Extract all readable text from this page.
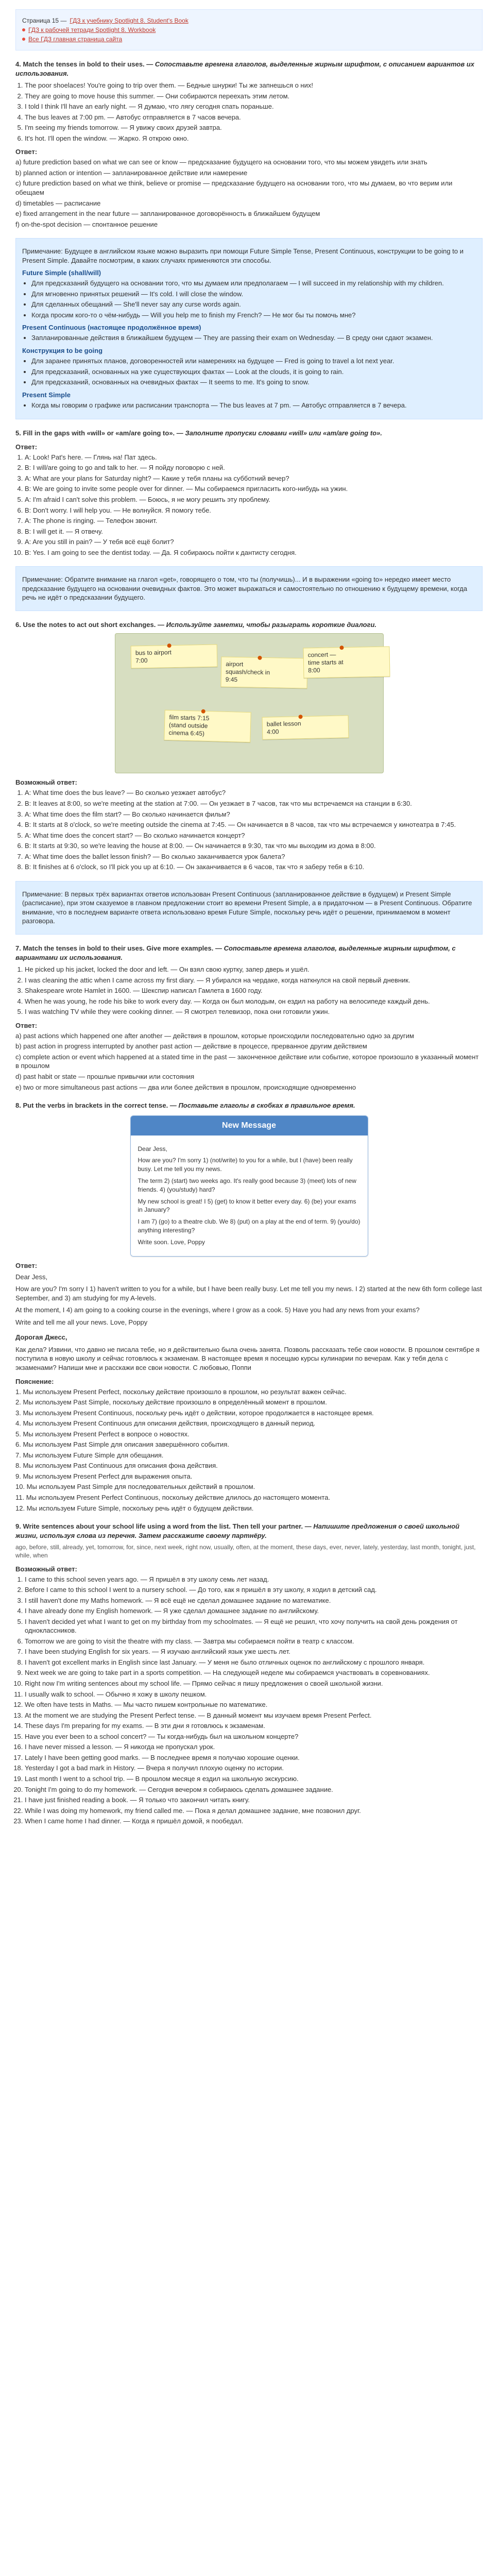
Страница 15 — ГДЗ к учебнику Spotlight 8. Student's Book
ГДЗ к рабочей тетради Spotlight 8. Workbook
Все ГДЗ главная страница сайта
4. Match the tenses in bold to their uses. — Сопоставьте времена глаголов, выделенные жирным шрифтом, с описанием вариантов их использования.
1. The poor shoelaces! You're going to trip over them. — Бедные шнурки! Ты же запнешься о них!
2. They are going to move house this summer. — Они собираются переехать этим летом.
3. I told I think I'll have an early night. — Я думаю, что лягу сегодня спать пораньше.
4. The bus leaves at 7:00 pm. — Автобус отправляется в 7 часов вечера.
5. I'm seeing my friends tomorrow. — Я увижу своих друзей завтра.
6. It's hot. I'll open the window. — Жарко. Я открою окно.
Ответ:
a) future prediction based on what we can see or know — предсказание будущего на основании того, что мы можем увидеть или знать
b) planned action or intention — запланированное действие или намерение
c) future prediction based on what we think, believe or promise — предсказание будущего на основании того, что мы думаем, во что верим или обещаем
d) timetables — расписание
e) fixed arrangement in the near future — запланированное договорённость в ближайшем будущем
f) on-the-spot decision — спонтанное решение
Примечание: Будущее в английском языке можно выразить при помощи Future Simple Tense, Present Continuous, конструкции to be going to и Present Simple. Давайте посмотрим, в каких случаях применяются эти способы.
Future Simple (shall/will)
• Для предсказаний будущего на основании того, что мы думаем или предполагаем — I will succeed in my relationship with my children.
• Для мгновенно принятых решений — It's cold. I will close the window.
• Для сделанных обещаний — She'll never say any curse words again.
• Когда просим кого-то о чём-нибудь — Will you help me to finish my French? — Не мог бы ты помочь мне?
Present Continuous (настоящее продолжённое время)
• Запланированные действия в ближайшем будущем — They are passing their exam on Wednesday. — В среду они сдают экзамен.
Конструкция to be going
• Для заранее принятых планов, договоренностей или намерениях на будущее — Fred is going to travel a lot next year.
• Для предсказаний, основанных на уже существующих фактах — Look at the clouds, it is going to rain.
• Для предсказаний, основанных на очевидных фактах — It seems to me. It's going to snow.
Present Simple
• Когда мы говорим о графике или расписании транспорта — The bus leaves at 7 pm. — Автобус отправляется в 7 вечера.
5. Fill in the gaps with «will» or «am/are going to». — Заполните пропуски словами «will» или «am/are going to».
Ответ:
1. A: Look! Pat's here. — Глянь на! Пат здесь.
2. B: I will/are going to go and talk to her. — Я пойду поговорю с ней.
3. A: What are your plans for Saturday night? — Какие у тебя планы на субботний вечер?
4. B: We are going to invite some people over for dinner. — Мы собираемся пригласить кого-нибудь на ужин.
5. A: I'm afraid I can't solve this problem. — Боюсь, я не могу решить эту проблему.
6. B: Don't worry. I will help you. — Не волнуйся. Я помогу тебе.
7. A: The phone is ringing. — Телефон звонит.
8. B: I will get it. — Я отвечу.
9. A: Are you still in pain? — У тебя всё ещё болит?
10. B: Yes. I am going to see the dentist today. — Да. Я собираюсь пойти к дантисту сегодня.
Примечание: Обратите внимание на глагол «get», говорящего о том, что ты (получишь)... И в выражении «going to» нередко имеет место предсказание будущего на основании очевидных фактов. Это может выражаться и самостоятельно по отношению к будущему времени, когда речь не идёт о предсказании будущего.
6. Use the notes to act out short exchanges. — Используйте заметки, чтобы разыграть короткие диалоги.
bus to airport
7:00	airport
squash/check in
9:45
concert —
time starts at
8:00
film starts 7:15
(stand outside
cinema 6:45)
ballet lesson
4:00
Возможный ответ:
1. A: What time does the bus leave? — Во сколько уезжает автобус?
2. B: It leaves at 8:00, so we're meeting at the station at 7:00. — Он уезжает в 7 часов, так что мы встречаемся на станции в 6:30.
3. A: What time does the film start? — Во сколько начинается фильм?
4. B: It starts at 8 o'clock, so we're meeting outside the cinema at 7:45. — Он начинается в 8 часов, так что мы встречаемся у кинотеатра в 7:45.
5. A: What time does the concert start? — Во сколько начинается концерт?
6. B: It starts at 9:30, so we're leaving the house at 8:00. — Он начинается в 9:30, так что мы выходим из дома в 8:00.
7. A: What time does the ballet lesson finish? — Во сколько заканчивается урок балета?
8. B: It finishes at 6 o'clock, so I'll pick you up at 6:10. — Он заканчивается в 6 часов, так что я заберу тебя в 6:10.
Примечание: В первых трёх вариантах ответов использован Present Continuous (запланированное действие в будущем) и Present Simple (расписание), при этом сказуемое в главном предложении стоит во времени Present Simple, а в придаточном — в Present Continuous. Обратите внимание, что в последнем варианте ответа использовано время Future Simple, поскольку речь идёт о решении, принимаемом в момент разговора.
7. Match the tenses in bold to their uses. Give more examples. — Сопоставьте времена глаголов, выделенные жирным шрифтом, с вариантами их использования.
1. He picked up his jacket, locked the door and left. — Он взял свою куртку, запер дверь и ушёл.
2. I was cleaning the attic when I came across my first diary. — Я убирался на чердаке, когда наткнулся на свой первый дневник.
3. Shakespeare wrote Hamlet in 1600. — Шекспир написал Гамлета в 1600 году.
4. When he was young, he rode his bike to work every day. — Когда он был молодым, он ездил на работу на велосипеде каждый день.
5. I was watching TV while they were cooking dinner. — Я смотрел телевизор, пока они готовили ужин.
Ответ:
a) past actions which happened one after another — действия в прошлом, которые происходили последовательно одно за другим
b) past action in progress interrupted by another past action — действие в процессе, прерванное другим действием
c) complete action or event which happened at a stated time in the past — законченное действие или событие, которое произошло в указанный момент в прошлом
d) past habit or state — прошлые привычки или состояния
e) two or more simultaneous past actions — два или более действия в прошлом, происходящие одновременно
8. Put the verbs in brackets in the correct tense. — Поставьте глаголы в скобках в правильное время.
New Message

Dear Jess,

How are you? I'm sorry 1) (not/write) to you for a while, but I (have) been really busy. Let me tell you my news.

The term 2) (start) two weeks ago. It's really good because 3) (meet) lots of new friends. 4) (you/study) hard?

My new school is great! I 5) (get) to know it better every day. 6) (be) your exams in January?

I am 7) (go) to a theatre club. We 8) (put) on a play at the end of term. 9) (you/do) anything interesting?

Write soon. Love, Poppy

Ответ:
Dear Jess,
How are you? I'm sorry I 1) haven't written to you for a while, but I have been really busy. Let me tell you my news. I 2) started at the new 6th form college last September, and 3) am studying for my A-levels.
At the moment, I 4) am going to a cooking course in the evenings, where I grow as a cook. 5) Have you had any news from your exams?
Write and tell me all your news. Love, Poppy
Дорогая Джесс,
Как дела? Извини, что давно не писала тебе, но я действительно была очень занята. Позволь рассказать тебе свои новости. В прошлом сентябре я поступила в новую школу и сейчас готовлюсь к экзаменам. В настоящее время я посещаю курсы кулинарии по вечерам. Как у тебя дела с экзаменами? Напиши мне и расскажи все свои новости. С любовью, Поппи
Пояснение:
1. Мы используем Present Perfect, поскольку действие произошло в прошлом, но результат важен сейчас.
2. Мы используем Past Simple, поскольку действие произошло в определённый момент в прошлом.
3. Мы используем Present Continuous, поскольку речь идёт о действии, которое продолжается в настоящее время.
4. Мы используем Present Continuous для описания действия, происходящего в данный период.
5. Мы используем Present Perfect в вопросе о новостях.
6. Мы используем Past Simple для описания завершённого события.
7. Мы используем Future Simple для обещания.
8. Мы используем Past Continuous для описания фона действия.
9. Мы используем Present Perfect для выражения опыта.
10. Мы используем Past Simple для последовательных действий в прошлом.
11. Мы используем Present Perfect Continuous, поскольку действие длилось до настоящего момента.
12. Мы используем Future Simple, поскольку речь идёт о будущем действии.
9. Write sentences about your school life using a word from the list. Then tell your partner. — Напишите предложения о своей школьной жизни, используя слова из перечня. Затем расскажите своему партнёру.
ago, before, still, already, yet, tomorrow, for, since, next week, right now, usually, often, at the moment, these days, ever, never, lately, yesterday, last month, tonight, just, while, when
Возможный ответ:
1. I came to this school seven years ago. — Я пришёл в эту школу семь лет назад.
2. Before I came to this school I went to a nursery school. — До того, как я пришёл в эту школу, я ходил в детский сад.
3. I still haven't done my Maths homework. — Я всё ещё не сделал домашнее задание по математике.
4. I have already done my English homework. — Я уже сделал домашнее задание по английскому.
5. I haven't decided yet what I want to get on my birthday from my schoolmates. — Я ещё не решил, что хочу получить на свой день рождения от одноклассников.
6. Tomorrow we are going to visit the theatre with my class. — Завтра мы собираемся пойти в театр с классом.
7. I have been studying English for six years. — Я изучаю английский язык уже шесть лет.
8. I haven't got excellent marks in English since last January. — У меня не было отличных оценок по английскому с прошлого января.
9. Next week we are going to take part in a sports competition. — На следующей неделе мы собираемся участвовать в соревнованиях.
10. Right now I'm writing sentences about my school life. — Прямо сейчас я пишу предложения о своей школьной жизни.
11. I usually walk to school. — Обычно я хожу в школу пешком.
12. We often have tests in Maths. — Мы часто пишем контрольные по математике.
13. At the moment we are studying the Present Perfect tense. — В данный момент мы изучаем время Present Perfect.
14. These days I'm preparing for my exams. — В эти дни я готовлюсь к экзаменам.
15. Have you ever been to a school concert? — Ты когда-нибудь был на школьном концерте?
16. I have never missed a lesson. — Я никогда не пропускал урок.
17. Lately I have been getting good marks. — В последнее время я получаю хорошие оценки.
18. Yesterday I got a bad mark in History. — Вчера я получил плохую оценку по истории.
19. Last month I went to a school trip. — В прошлом месяце я ездил на школьную экскурсию.
20. Tonight I'm going to do my homework. — Сегодня вечером я собираюсь сделать домашнее задание.
21. I have just finished reading a book. — Я только что закончил читать книгу.
22. While I was doing my homework, my friend called me. — Пока я делал домашнее задание, мне позвонил друг.
23. When I came home I had dinner. — Когда я пришёл домой, я пообедал.
